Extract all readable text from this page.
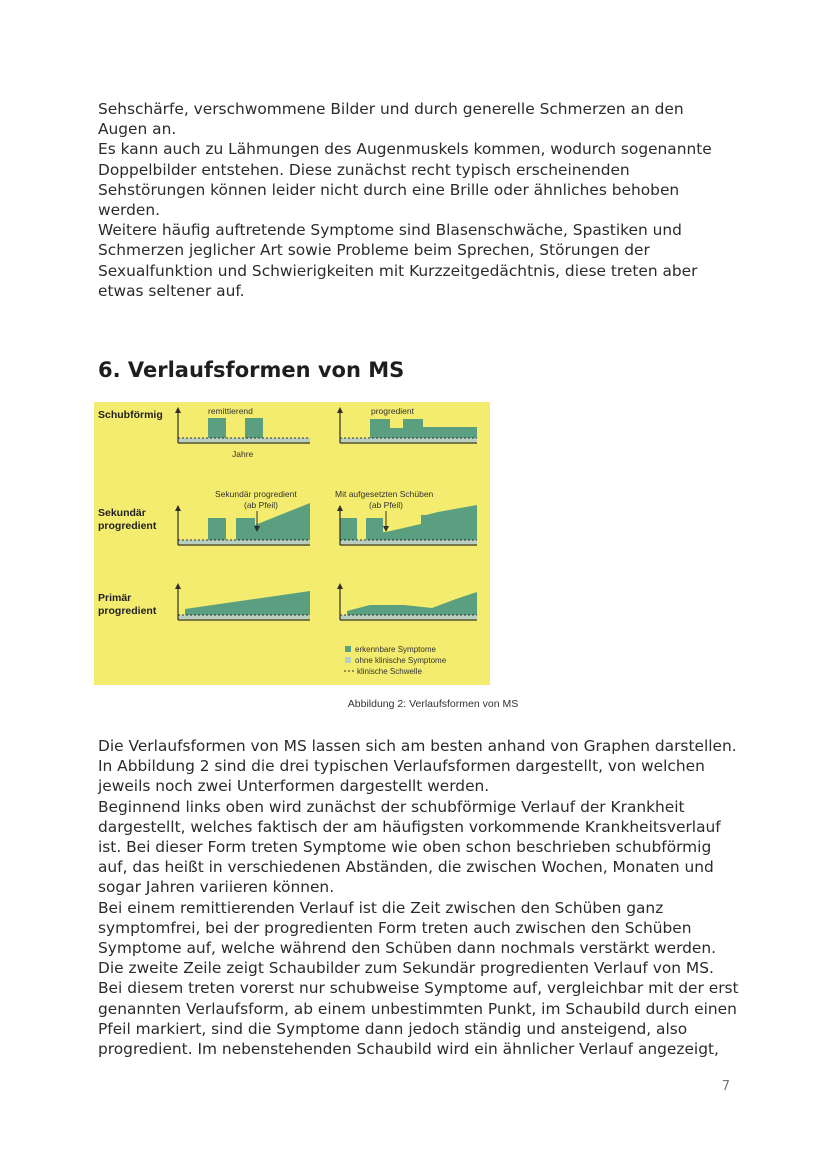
Sehschärfe, verschwommene Bilder und durch generelle Schmerzen an den
Augen an.
Es kann auch zu Lähmungen des Augenmuskels kommen, wodurch sogenannte
Doppelbilder entstehen. Diese zunächst recht typisch erscheinenden
Sehstörungen können leider nicht durch eine Brille oder ähnliches behoben
werden.
Weitere häufig auftretende Symptome sind Blasenschwäche, Spastiken und
Schmerzen jeglicher Art sowie Probleme beim Sprechen, Störungen der
Sexualfunktion und Schwierigkeiten mit Kurzzeitgedächtnis, diese treten aber
etwas seltener auf.
6. Verlaufsformen von MS
Schubförmig
Sekundär
progredient
Primär
progredient
remittierend	progredient
Jahre
Sekundär progredient
(ab Pfeil)
Mit aufgesetzten Schüben
(ab Pfeil)
erkennbare Symptome
ohne klinische Symptome
klinische Schwelle
Abbildung 2: Verlaufsformen von MS
Die Verlaufsformen von MS lassen sich am besten anhand von Graphen darstellen.
In Abbildung 2 sind die drei typischen Verlaufsformen dargestellt, von welchen
jeweils noch zwei Unterformen dargestellt werden.
Beginnend links oben wird zunächst der schubförmige Verlauf der Krankheit
dargestellt, welches faktisch der am häufigsten vorkommende Krankheitsverlauf
ist. Bei dieser Form treten Symptome wie oben schon beschrieben schubförmig
auf, das heißt in verschiedenen Abständen, die zwischen Wochen, Monaten und
sogar Jahren variieren können.
Bei einem remittierenden Verlauf ist die Zeit zwischen den Schüben ganz
symptomfrei, bei der progredienten Form treten auch zwischen den Schüben
Symptome auf, welche während den Schüben dann nochmals verstärkt werden.
Die zweite Zeile zeigt Schaubilder zum Sekundär progredienten Verlauf von MS.
Bei diesem treten vorerst nur schubweise Symptome auf, vergleichbar mit der erst
genannten Verlaufsform, ab einem unbestimmten Punkt, im Schaubild durch einen
Pfeil markiert, sind die Symptome dann jedoch ständig und ansteigend, also
progredient. Im nebenstehenden Schaubild wird ein ähnlicher Verlauf angezeigt,
7
